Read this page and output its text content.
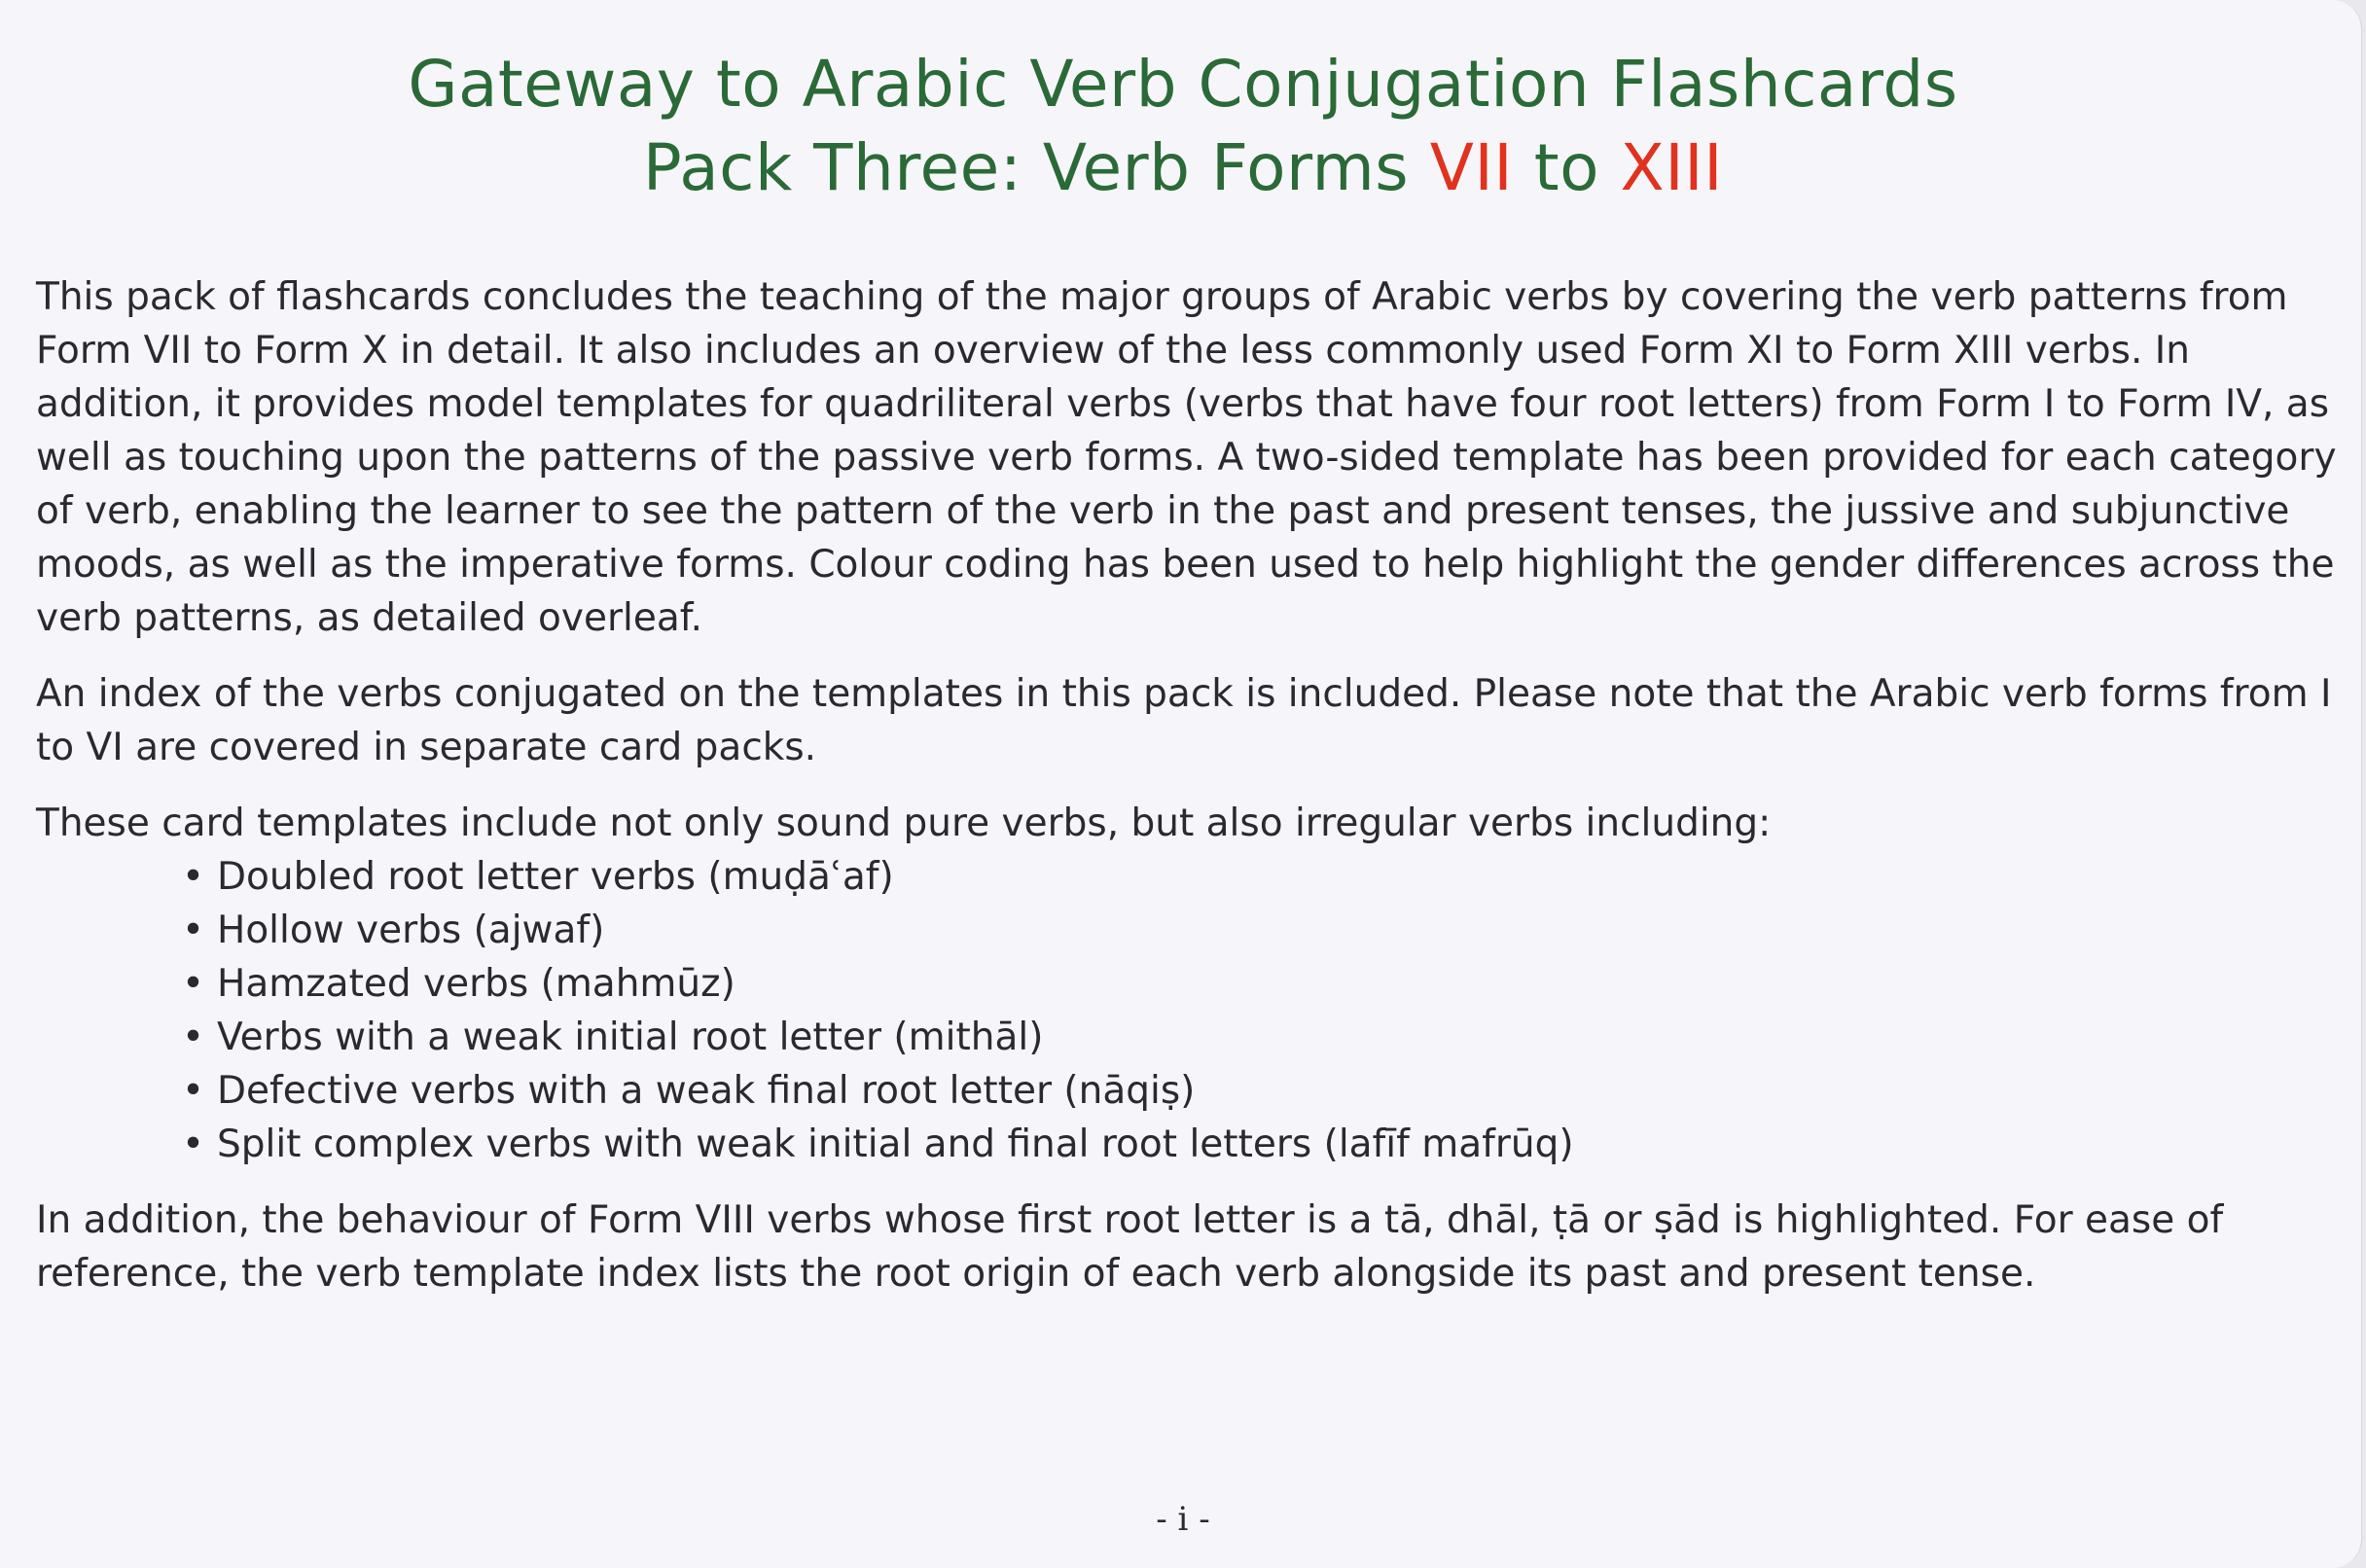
Gateway to Arabic Verb Conjugation Flashcards
Pack Three: Verb Forms VII to XIII

This pack of flashcards concludes the teaching of the major groups of Arabic verbs by covering the verb patterns from Form VII to Form X in detail. It also includes an overview of the less commonly used Form XI to Form XIII verbs. In addition, it provides model templates for quadriliteral verbs (verbs that have four root letters) from Form I to Form IV, as well as touching upon the patterns of the passive verb forms. A two-sided template has been provided for each category of verb, enabling the learner to see the pattern of the verb in the past and present tenses, the jussive and subjunctive moods, as well as the imperative forms. Colour coding has been used to help highlight the gender differences across the verb patterns, as detailed overleaf.

An index of the verbs conjugated on the templates in this pack is included. Please note that the Arabic verb forms from I to VI are covered in separate card packs.

These card templates include not only sound pure verbs, but also irregular verbs including:

• Doubled root letter verbs (muḍāʿaf)
• Hollow verbs (ajwaf)
• Hamzated verbs (mahmūz)
• Verbs with a weak initial root letter (mithāl)
• Defective verbs with a weak final root letter (nāqiṣ)
• Split complex verbs with weak initial and final root letters (lafīf mafrūq)

In addition, the behaviour of Form VIII verbs whose first root letter is a tā, dhāl, ṭā or ṣād is highlighted. For ease of reference, the verb template index lists the root origin of each verb alongside its past and present tense.

- i -
